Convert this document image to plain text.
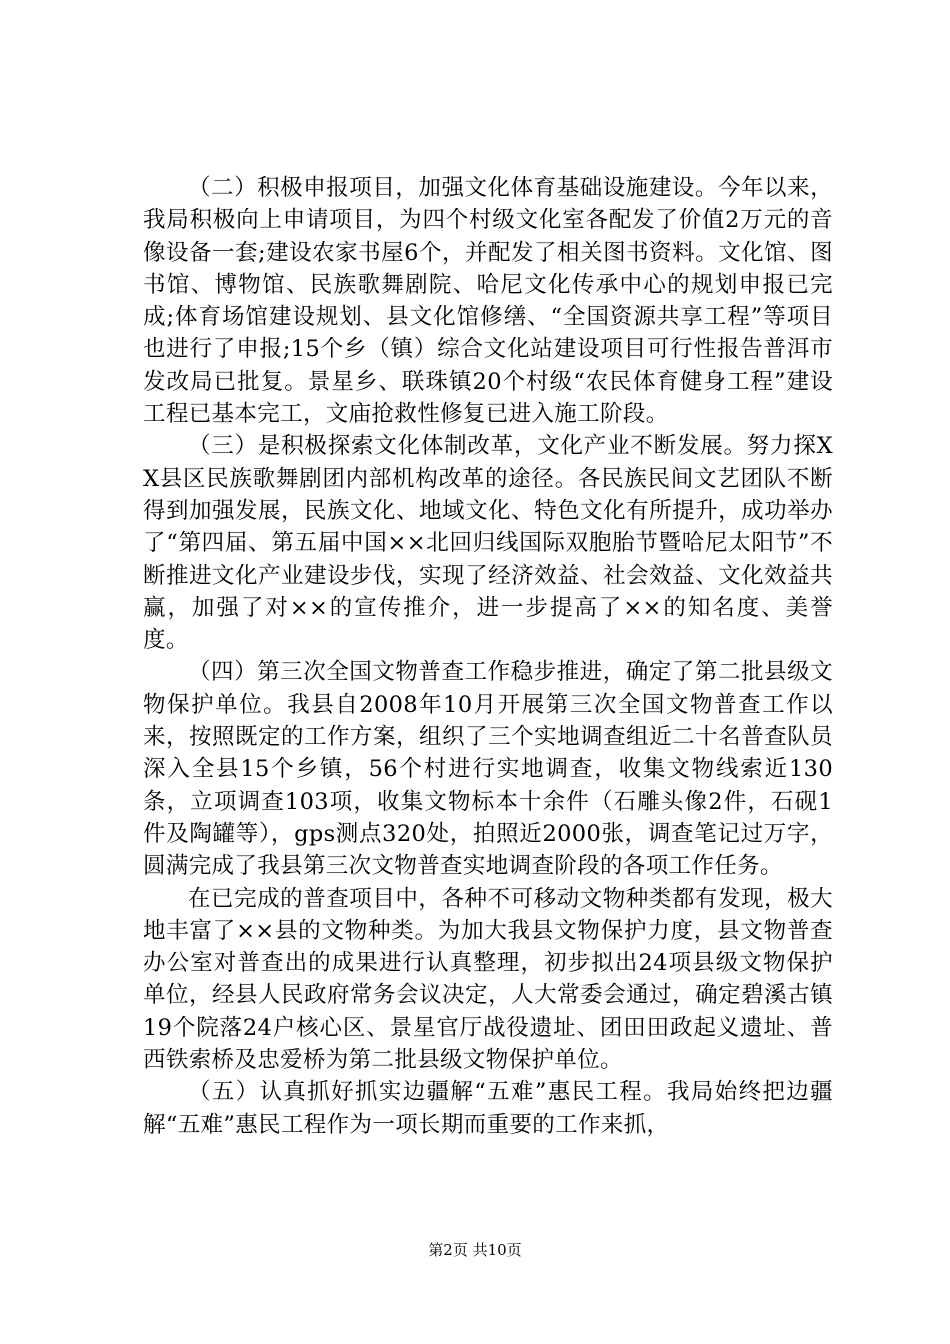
（二）积极申报项目，加强文化体育基础设施建设。今年以来，我局积极向上申请项目，为四个村级文化室各配发了价值2万元的音像设备一套;建设农家书屋6个，并配发了相关图书资料。文化馆、图书馆、博物馆、民族歌舞剧院、哈尼文化传承中心的规划申报已完成;体育场馆建设规划、县文化馆修缮、“全国资源共享工程”等项目也进行了申报;15个乡（镇）综合文化站建设项目可行性报告普洱市发改局已批复。景星乡、联珠镇20个村级“农民体育健身工程”建设工程已基本完工，文庙抢救性修复已进入施工阶段。

（三）是积极探索文化体制改革，文化产业不断发展。努力探XX县区民族歌舞剧团内部机构改革的途径。各民族民间文艺团队不断得到加强发展，民族文化、地域文化、特色文化有所提升，成功举办了“第四届、第五届中国××北回归线国际双胞胎节暨哈尼太阳节”不断推进文化产业建设步伐，实现了经济效益、社会效益、文化效益共赢，加强了对××的宣传推介，进一步提高了××的知名度、美誉度。

（四）第三次全国文物普查工作稳步推进，确定了第二批县级文物保护单位。我县自2008年10月开展第三次全国文物普查工作以来，按照既定的工作方案，组织了三个实地调查组近二十名普查队员深入全县15个乡镇，56个村进行实地调查，收集文物线索近130条，立项调查103项，收集文物标本十余件（石雕头像2件，石砚1件及陶罐等），gps测点320处，拍照近2000张，调查笔记过万字，圆满完成了我县第三次文物普查实地调查阶段的各项工作任务。

在已完成的普查项目中，各种不可移动文物种类都有发现，极大地丰富了××县的文物种类。为加大我县文物保护力度，县文物普查办公室对普查出的成果进行认真整理，初步拟出24项县级文物保护单位，经县人民政府常务会议决定，人大常委会通过，确定碧溪古镇19个院落24户核心区、景星官厅战役遗址、团田田政起义遗址、普西铁索桥及忠爱桥为第二批县级文物保护单位。

（五）认真抓好抓实边疆解“五难”惠民工程。我局始终把边疆解“五难”惠民工程作为一项长期而重要的工作来抓，

第2页 共10页
